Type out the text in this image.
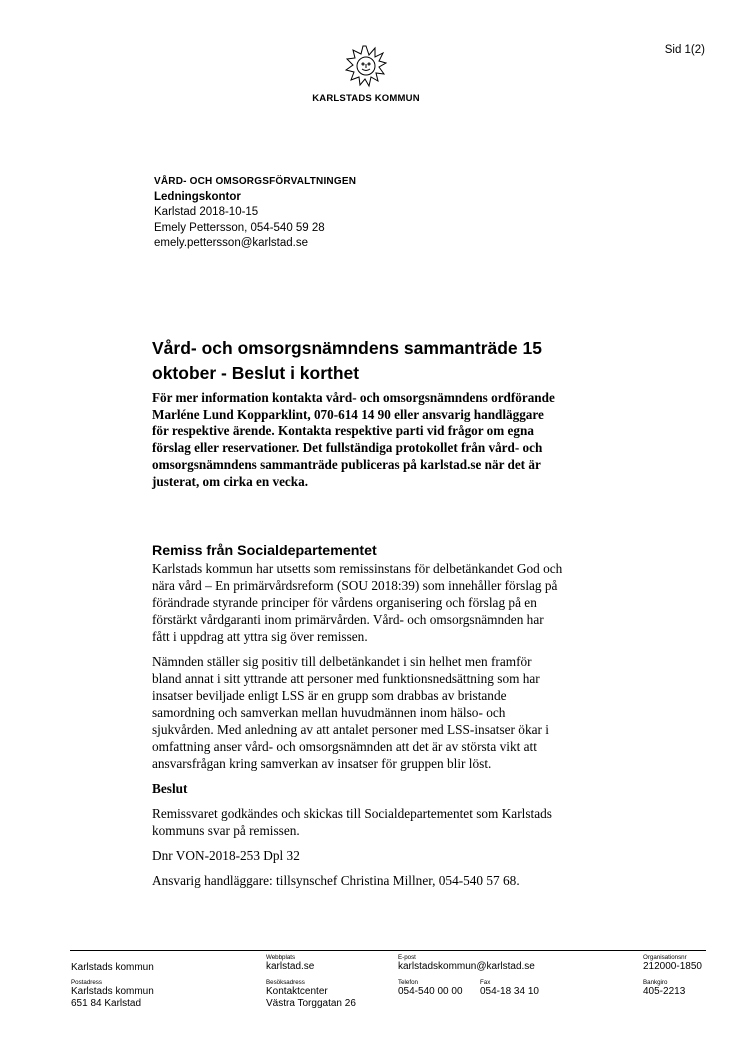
Sid 1(2)
KARLSTADS KOMMUN
VÅRD- OCH OMSORGSFÖRVALTNINGEN
Ledningskontor
Karlstad 2018-10-15
Emely Pettersson, 054-540 59 28
emely.pettersson@karlstad.se
Vård- och omsorgsnämndens sammanträde 15
oktober - Beslut i korthet
För mer information kontakta vård- och omsorgsnämndens ordförande
Marléne Lund Kopparklint, 070-614 14 90 eller ansvarig handläggare
för respektive ärende. Kontakta respektive parti vid frågor om egna
förslag eller reservationer. Det fullständiga protokollet från vård- och
omsorgsnämndens sammanträde publiceras på karlstad.se när det är
justerat, om cirka en vecka.
Remiss från Socialdepartementet

Karlstads kommun har utsetts som remissinstans för delbetänkandet God och
nära vård – En primärvårdsreform (SOU 2018:39) som innehåller förslag på
förändrade styrande principer för vårdens organisering och förslag på en
förstärkt vårdgaranti inom primärvården. Vård- och omsorgsnämnden har
fått i uppdrag att yttra sig över remissen.

Nämnden ställer sig positiv till delbetänkandet i sin helhet men framför
bland annat i sitt yttrande att personer med funktionsnedsättning som har
insatser beviljade enligt LSS är en grupp som drabbas av bristande
samordning och samverkan mellan huvudmännen inom hälso- och
sjukvården. Med anledning av att antalet personer med LSS-insatser ökar i
omfattning anser vård- och omsorgsnämnden att det är av största vikt att
ansvarsfrågan kring samverkan av insatser för gruppen blir löst.

Beslut

Remissvaret godkändes och skickas till Socialdepartementet som Karlstads
kommuns svar på remissen.

Dnr VON-2018-253 Dpl 32

Ansvarig handläggare: tillsynschef Christina Millner, 054-540 57 68.

Karlstads kommun
Postadress
Karlstads kommun
651 84 Karlstad
Webbplats
karlstad.se
Besöksadress
Kontaktcenter
Västra Torggatan 26
E-post
karlstadskommun@karlstad.se
Telefon
054-540 00 00
Fax
054-18 34 10
Organisationsnr
212000-1850
Bankgiro
405-2213
